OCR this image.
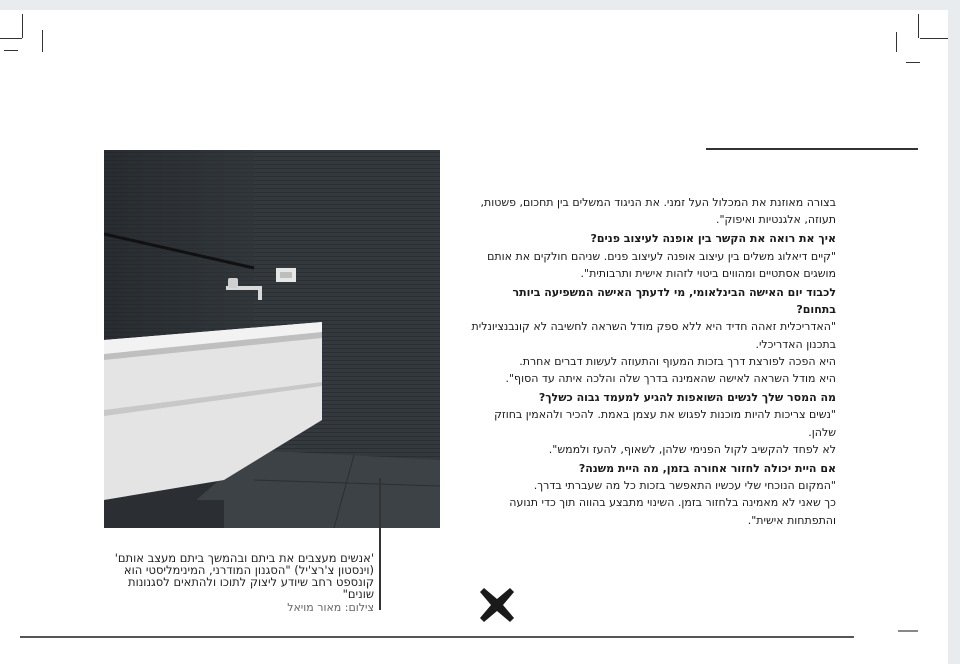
'אנשים מעצבים את ביתם ובהמשך ביתם מעצב אותם' (וינסטון צ'רצ'יל) "הסגנון המודרני, המינימליסטי הוא קונספט רחב שיודע ליצוק לתוכו ולהתאים לסגנונות שונים"
צילום: מאור מויאל

בצורה מאוזנת את המכלול העל זמני. את הניגוד המשלים בין תחכום, פשטות, תעוזה, אלגנטיות ואיפוק".

איך את רואה את הקשר בין אופנה לעיצוב פנים?

"קיים דיאלוג משלים בין עיצוב אופנה לעיצוב פנים. שניהם חולקים את אותם מושגים אסתטיים ומהווים ביטוי לזהות אישית ותרבותית".

לכבוד יום האישה הבינלאומי, מי לדעתך האישה המשפיעה ביותר בתחום?

"האדריכלית זאהה חדיד היא ללא ספק מודל השראה לחשיבה לא קונבנציונלית בתכנון האדריכלי.

היא הפכה לפורצת דרך בזכות המעוף והתעוזה לעשות דברים אחרת.

היא מודל השראה לאישה שהאמינה בדרך שלה והלכה איתה עד הסוף".

מה המסר שלך לנשים השואפות להגיע למעמד גבוה כשלך?

"נשים צריכות להיות מוכנות לפגוש את עצמן באמת. להכיר ולהאמין בחוזק שלהן.

לא לפחד להקשיב לקול הפנימי שלהן, לשאוף, להעז ולממש".

אם היית יכולה לחזור אחורה בזמן, מה היית משנה?

"המקום הנוכחי שלי עכשיו התאפשר בזכות כל מה שעברתי בדרך.

כך שאני לא מאמינה בלחזור בזמן. השינוי מתבצע בהווה תוך כדי תנועה והתפתחות אישית".
